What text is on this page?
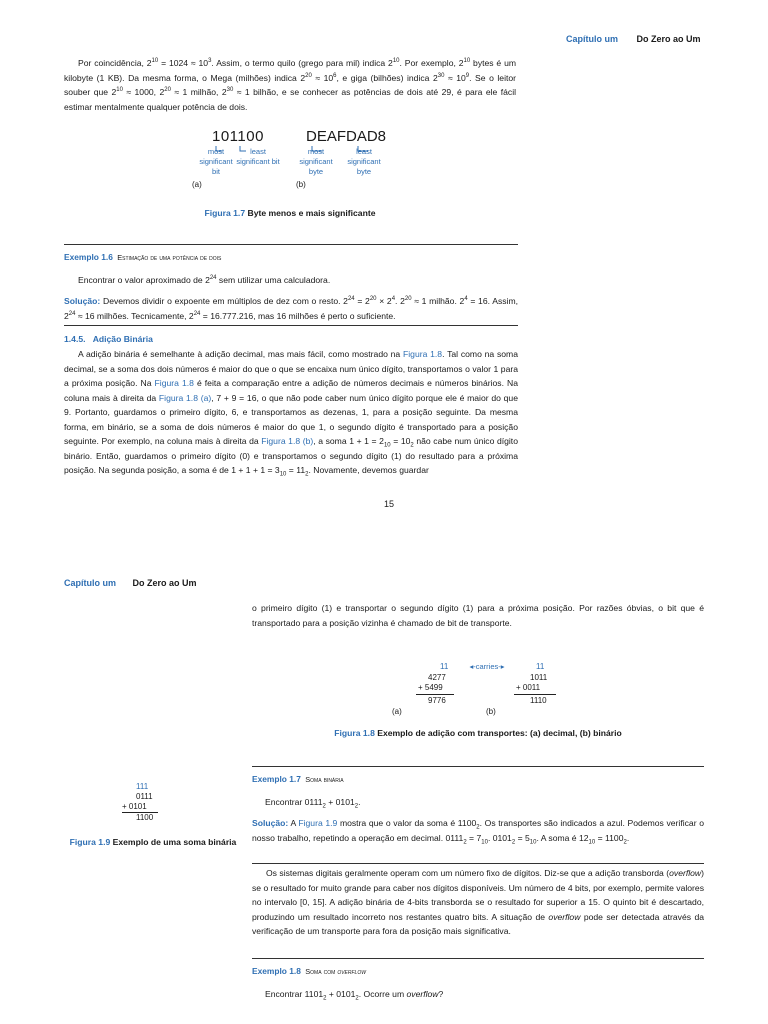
Capítulo um Do Zero ao Um
Por coincidência, $2^{10} = 1024 \approx 10^3$. Assim, o termo quilo (grego para mil) indica $2^{10}$. Por exemplo, $2^{10}$ bytes é um kilobyte (1 KB). Da mesma forma, o Mega (milhões) indica $2^{20} \approx 10^6$, e giga (bilhões) indica $2^{30} \approx 10^9$. Se o leitor souber que $2^{10} \approx 1000$, $2^{20} \approx 1$ milhão, $2^{30} \approx 1$ bilhão, e se conhecer as potências de dois até 29, é para ele fácil estimar mentalmente qualquer potência de dois.
101100	DEAFDAD8
most significant bit
least significant bit
most significant byte
least significant byte
(a)	(b)
Figura 1.7 Byte menos e mais significante
Exemplo 1.6 Estimação de uma potência de dois
Encontrar o valor aproximado de $2^{24}$ sem utilizar uma calculadora.
Solução: Devemos dividir o expoente em múltiplos de dez com o resto. $2^{24} = 2^{20} \times 2^4$. $2^{20} \approx 1$ milhão. $2^4 = 16$. Assim, $2^{24} \approx 16$ milhões. Tecnicamente, $2^{24} = 16.777.216$, mas 16 milhões é perto o suficiente.
1.4.5. Adição Binária
A adição binária é semelhante à adição decimal, mas mais fácil, como mostrado na Figura 1.8. Tal como na soma decimal, se a soma dos dois números é maior do que o que se encaixa num único dígito, transportamos o valor 1 para a próxima posição. Na Figura 1.8 é feita a comparação entre a adição de números decimais e números binários. Na coluna mais à direita da Figura 1.8 (a), 7 + 9 = 16, o que não pode caber num único dígito porque ele é maior do que 9. Portanto, guardamos o primeiro dígito, 6, e transportamos as dezenas, 1, para a posição seguinte. Da mesma forma, em binário, se a soma de dois números é maior do que 1, o segundo dígito é transportado para a posição seguinte. Por exemplo, na coluna mais à direita da Figura 1.8 (b), a soma $1 + 1 = 2_{10} = 10_2$ não cabe num único dígito binário. Então, guardamos o primeiro dígito (0) e transportamos o segundo dígito (1) do resultado para a próxima posição. Na segunda posição, a soma é de $1 + 1 + 1 = 3_{10} = 11_2$. Novamente, devemos guardar
15
Capítulo um Do Zero ao Um
o primeiro dígito (1) e transportar o segundo dígito (1) para a próxima posição. Por razões óbvias, o bit que é transportado para a posição vizinha é chamado de bit de transporte.
11	◂-carries-▸	11
4277
+ 5499
9776
(a)
1011
+ 0011
1110
(b)
Figura 1.8 Exemplo de adição com transportes: (a) decimal, (b) binário
111
0111
+ 0101
1100
Figura 1.9 Exemplo de uma soma binária
Exemplo 1.7 Soma binária
Encontrar $0111_2 + 0101_2$.
Solução: A Figura 1.9 mostra que o valor da soma é $1100_2$. Os transportes são indicados a azul. Podemos verificar o nosso trabalho, repetindo a operação em decimal. $0111_2 = 7_{10}$. $0101_2 = 5_{10}$. A soma é $12_{10} = 1100_2$.
Os sistemas digitais geralmente operam com um número fixo de dígitos. Diz-se que a adição transborda (overflow) se o resultado for muito grande para caber nos dígitos disponíveis. Um número de 4 bits, por exemplo, permite valores no intervalo [0, 15]. A adição binária de 4-bits transborda se o resultado for superior a 15. O quinto bit é descartado, produzindo um resultado incorreto nos restantes quatro bits. A situação de overflow pode ser detectada através da verificação de um transporte para fora da posição mais significativa.
Exemplo 1.8 Soma com overflow
Encontrar $1101_2 + 0101_2$. Ocorre um overflow?
